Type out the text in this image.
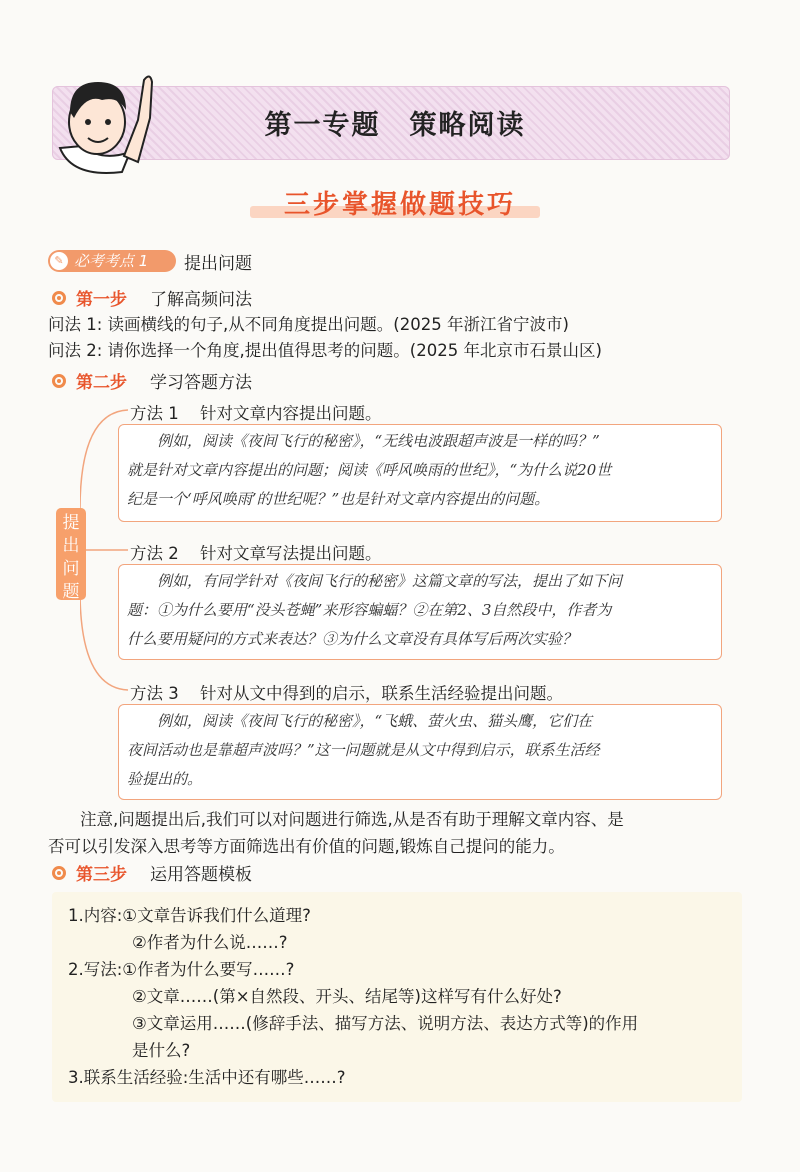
第一专题　策略阅读
三步掌握做题技巧
✎ 必考考点 1 提出问题
第一步 了解高频问法
问法 1: 读画横线的句子,从不同角度提出问题。(2025 年浙江省宁波市)
问法 2: 请你选择一个角度,提出值得思考的问题。(2025 年北京市石景山区)
第二步 学习答题方法
提
出
问
题
方法 1 针对文章内容提出问题。
例如，阅读《夜间飞行的秘密》，“无线电波跟超声波是一样的吗？”
就是针对文章内容提出的问题；阅读《呼风唤雨的世纪》，“为什么说20世
纪是一个‘呼风唤雨’的世纪呢？”也是针对文章内容提出的问题。
方法 2 针对文章写法提出问题。
例如，有同学针对《夜间飞行的秘密》这篇文章的写法，提出了如下问
题：①为什么要用“没头苍蝇”来形容蝙蝠？②在第2、3自然段中，作者为
什么要用疑问的方式来表达？③为什么文章没有具体写后两次实验？
方法 3 针对从文中得到的启示，联系生活经验提出问题。
例如，阅读《夜间飞行的秘密》，“飞蛾、萤火虫、猫头鹰，它们在
夜间活动也是靠超声波吗？”这一问题就是从文中得到启示，联系生活经
验提出的。
注意,问题提出后,我们可以对问题进行筛选,从是否有助于理解文章内容、是
否可以引发深入思考等方面筛选出有价值的问题,锻炼自己提问的能力。
第三步 运用答题模板
1.内容:①文章告诉我们什么道理?
②作者为什么说……?
2.写法:①作者为什么要写……?
②文章……(第×自然段、开头、结尾等)这样写有什么好处?
③文章运用……(修辞手法、描写方法、说明方法、表达方式等)的作用
是什么?
3.联系生活经验:生活中还有哪些……?
